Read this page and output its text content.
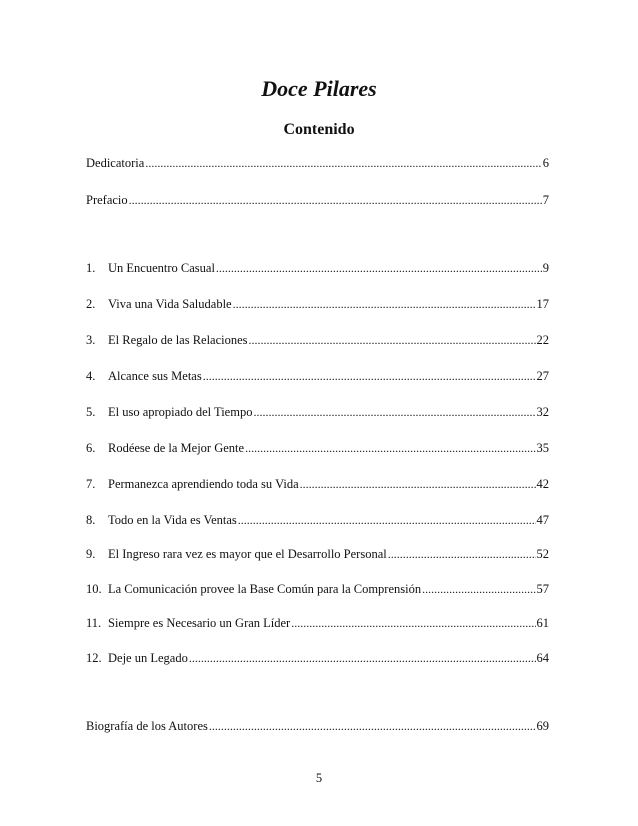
Doce Pilares
Contenido
Dedicatoria .....	6
Prefacio .....	7
1.	Un Encuentro Casual .....	9
2.	Viva una Vida Saludable .....	17
3.	El Regalo de las Relaciones .....	22
4.	Alcance sus Metas .....	27
5.	El uso apropiado del Tiempo .....	32
6.	Rodéese de la Mejor Gente .....	35
7.	Permanezca aprendiendo toda su Vida .....	42
8.	Todo en la Vida es Ventas .....	47
9.	El Ingreso rara vez es mayor que el Desarrollo Personal .....	52
10. La Comunicación provee la Base Común para la Comprensión .....	57
11. Siempre es Necesario un Gran Líder .....	61
12. Deje un Legado .....	64
Biografía de los Autores .....	69
5
